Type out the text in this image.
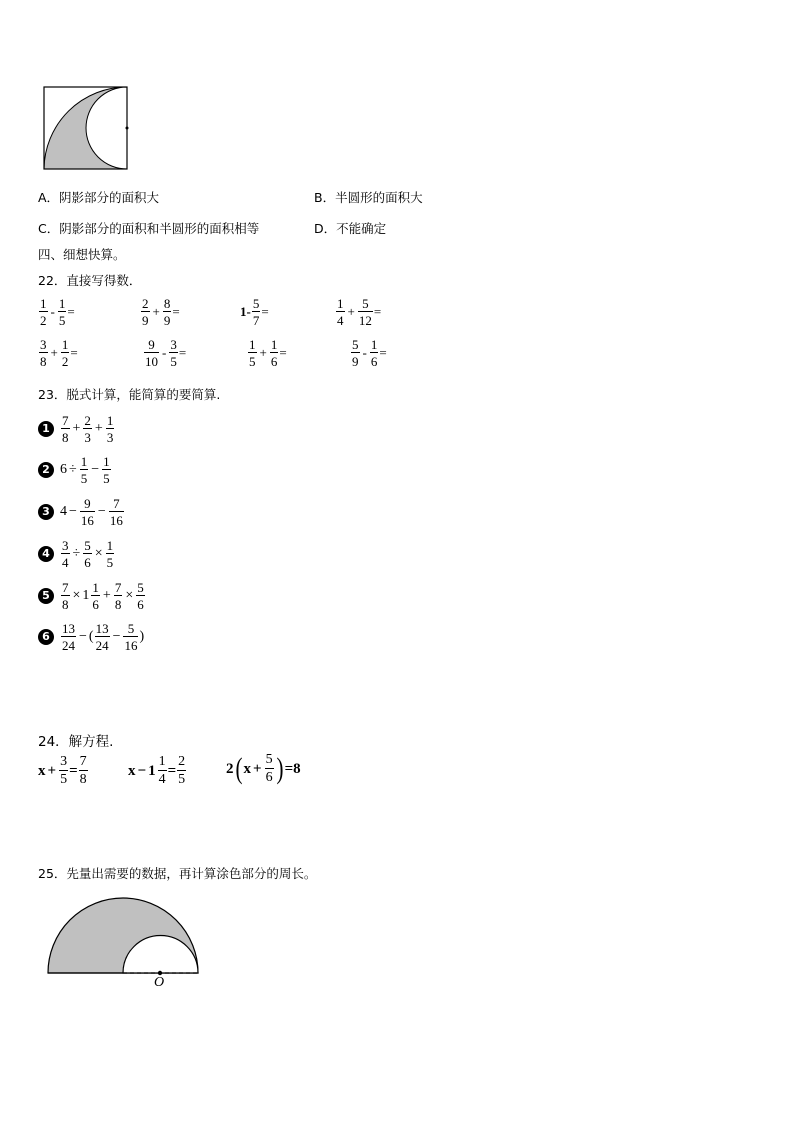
A．阴影部分的面积大	B．半圆形的面积大
C．阴影部分的面积和半圆形的面积相等	D．不能确定
四、细想快算。
22．直接写得数．
$\frac{1}{2} - \frac{1}{5}$ =	$\frac{2}{9} + \frac{8}{9}$ =	$1- \frac{5}{7}$ =	$\frac{1}{4} + \frac{5}{12}$ =
$\frac{3}{8} + \frac{1}{2}$ =	$\frac{9}{10} - \frac{3}{5}$ =	$\frac{1}{5} + \frac{1}{6}$ =	$\frac{5}{9} - \frac{1}{6}$ =
23．脱式计算，能简算的要简算.
$1 \frac{7}{8} + \frac{2}{3} + \frac{1}{3}$
2 $6 \div \frac{1}{5} - \frac{1}{5}$
3 $4 - \frac{9}{16} - \frac{7}{16}$
$4 \frac{3}{4} \div \frac{5}{6} \times \frac{1}{5}$
$5 \frac{7}{8} \times 1 \frac{1}{6} + \frac{7}{8} \times \frac{5}{6}$
$6 \frac{13}{24}$ − ( $\frac{13}{24} - \frac{5}{16}$ )
24．解方程.
$x + \frac{3}{5} = \frac{7}{8}$	$x - 1 \frac{1}{4} = \frac{2}{5}$	2 ( $x + \frac{5}{6}$ ) = 8
25．先量出需要的数据，再计算涂色部分的周长。
O
